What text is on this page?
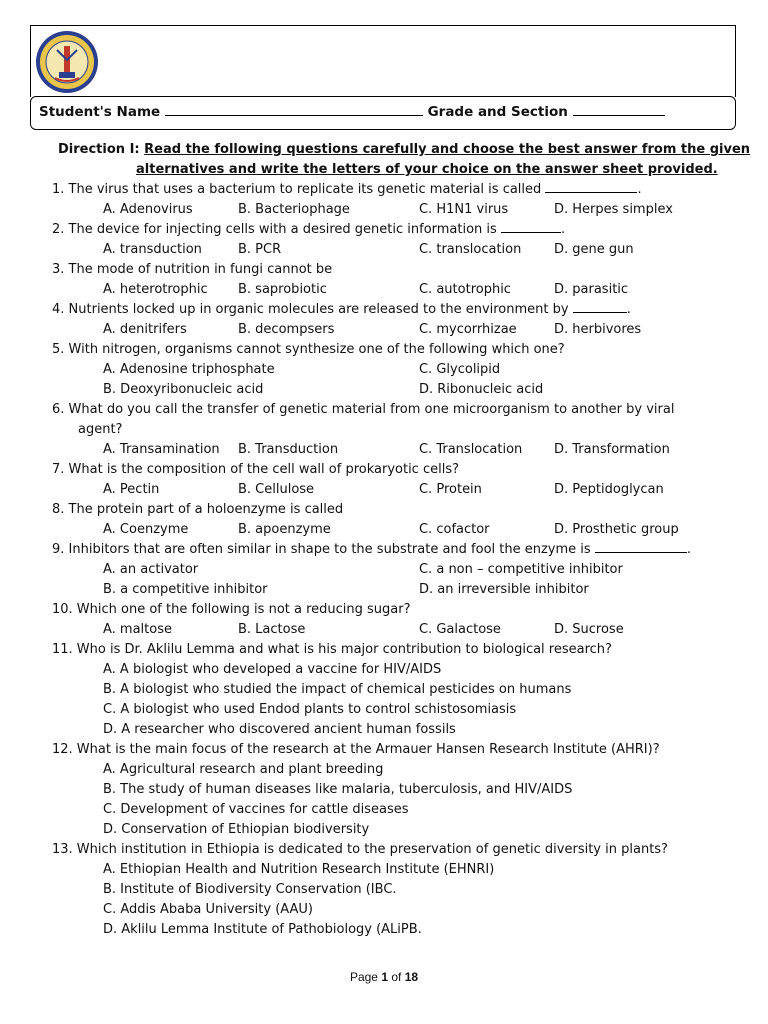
Student's Name	Grade and Section
Direction I: Read the following questions carefully and choose the best answer from the given
alternatives and write the letters of your choice on the answer sheet provided.
1. The virus that uses a bacterium to replicate its genetic material is called	.
A. Adenovirus	B. Bacteriophage	C. H1N1 virus	D. Herpes simplex
2. The device for injecting cells with a desired genetic information is	.
A. transduction	B. PCR	C. translocation	D. gene gun
3. The mode of nutrition in fungi cannot be
A. heterotrophic	B. saprobiotic	C. autotrophic	D. parasitic
4. Nutrients locked up in organic molecules are released to the environment by	.
A. denitrifers	B. decompsers	C. mycorrhizae	D. herbivores
5. With nitrogen, organisms cannot synthesize one of the following which one?
A. Adenosine triphosphate	C. Glycolipid
B. Deoxyribonucleic acid	D. Ribonucleic acid
6. What do you call the transfer of genetic material from one microorganism to another by viral
agent?
A. Transamination	B. Transduction	C. Translocation	D. Transformation
7. What is the composition of the cell wall of prokaryotic cells?
A. Pectin	B. Cellulose	C. Protein	D. Peptidoglycan
8. The protein part of a holoenzyme is called
A. Coenzyme	B. apoenzyme	C. cofactor	D. Prosthetic group
9. Inhibitors that are often similar in shape to the substrate and fool the enzyme is	.
A. an activator	C. a non – competitive inhibitor
B. a competitive inhibitor	D. an irreversible inhibitor
10. Which one of the following is not a reducing sugar?
A. maltose	B. Lactose	C. Galactose	D. Sucrose
11. Who is Dr. Aklilu Lemma and what is his major contribution to biological research?
A. A biologist who developed a vaccine for HIV/AIDS
B. A biologist who studied the impact of chemical pesticides on humans
C. A biologist who used Endod plants to control schistosomiasis
D. A researcher who discovered ancient human fossils
12. What is the main focus of the research at the Armauer Hansen Research Institute (AHRI)?
A. Agricultural research and plant breeding
B. The study of human diseases like malaria, tuberculosis, and HIV/AIDS
C. Development of vaccines for cattle diseases
D. Conservation of Ethiopian biodiversity
13. Which institution in Ethiopia is dedicated to the preservation of genetic diversity in plants?
A. Ethiopian Health and Nutrition Research Institute (EHNRI)
B. Institute of Biodiversity Conservation (IBC.
C. Addis Ababa University (AAU)
D. Aklilu Lemma Institute of Pathobiology (ALiPB.
Page 1 of 18
